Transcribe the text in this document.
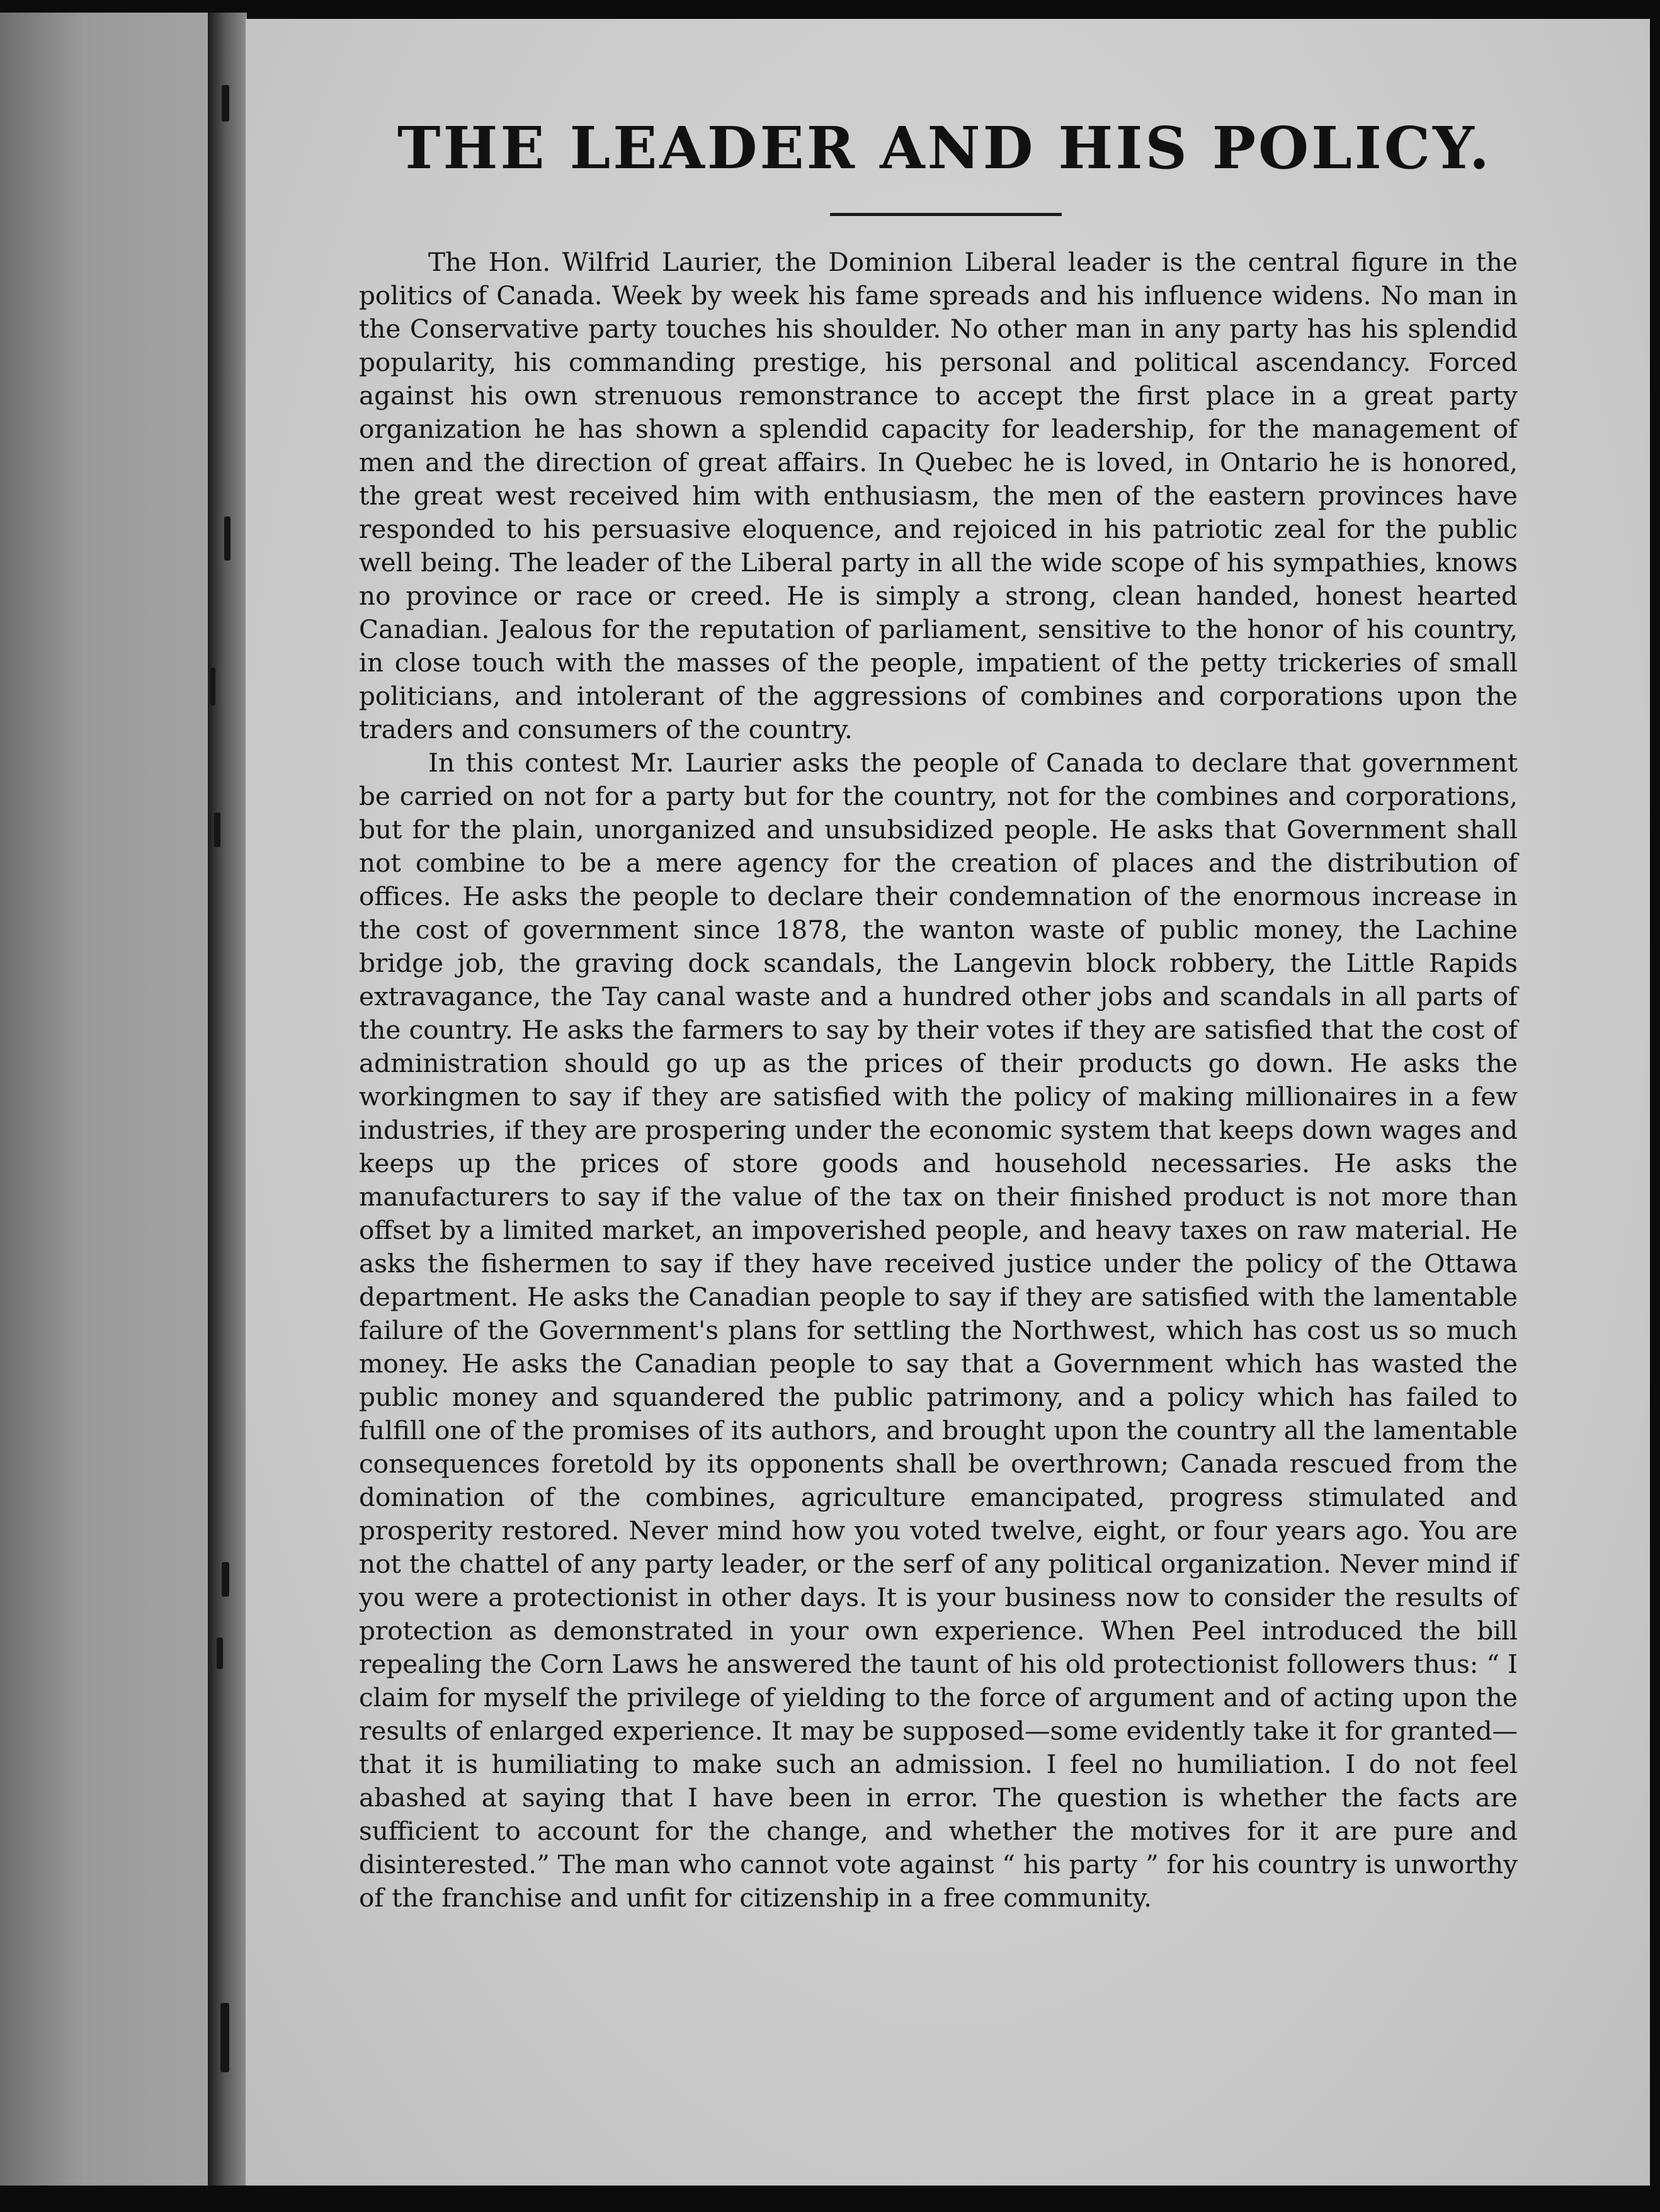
THE LEADER AND HIS POLICY.

The Hon. Wilfrid Laurier, the Dominion Liberal leader is the central figure in the politics of Canada. Week by week his fame spreads and his influence widens. No man in the Conservative party touches his shoulder. No other man in any party has his splendid popularity, his commanding prestige, his personal and political ascendancy. Forced against his own strenuous remonstrance to accept the first place in a great party organization he has shown a splendid capacity for leadership, for the management of men and the direction of great affairs. In Quebec he is loved, in Ontario he is honored, the great west received him with enthusiasm, the men of the eastern provinces have responded to his persuasive eloquence, and rejoiced in his patriotic zeal for the public well being. The leader of the Liberal party in all the wide scope of his sympathies, knows no province or race or creed. He is simply a strong, clean handed, honest hearted Canadian. Jealous for the reputation of parliament, sensitive to the honor of his country, in close touch with the masses of the people, impatient of the petty trickeries of small politicians, and intolerant of the aggressions of combines and corporations upon the traders and consumers of the country.

In this contest Mr. Laurier asks the people of Canada to declare that government be carried on not for a party but for the country, not for the combines and corporations, but for the plain, unorganized and unsubsidized people. He asks that Government shall not combine to be a mere agency for the creation of places and the distribution of offices. He asks the people to declare their condemnation of the enormous increase in the cost of government since 1878, the wanton waste of public money, the Lachine bridge job, the graving dock scandals, the Langevin block robbery, the Little Rapids extravagance, the Tay canal waste and a hundred other jobs and scandals in all parts of the country. He asks the farmers to say by their votes if they are satisfied that the cost of administration should go up as the prices of their products go down. He asks the workingmen to say if they are satisfied with the policy of making millionaires in a few industries, if they are prospering under the economic system that keeps down wages and keeps up the prices of store goods and household necessaries. He asks the manufacturers to say if the value of the tax on their finished product is not more than offset by a limited market, an impoverished people, and heavy taxes on raw material. He asks the fishermen to say if they have received justice under the policy of the Ottawa department. He asks the Canadian people to say if they are satisfied with the lamentable failure of the Government's plans for settling the Northwest, which has cost us so much money. He asks the Canadian people to say that a Government which has wasted the public money and squandered the public patrimony, and a policy which has failed to fulfill one of the promises of its authors, and brought upon the country all the lamentable consequences foretold by its opponents shall be overthrown; Canada rescued from the domination of the combines, agriculture emancipated, progress stimulated and prosperity restored. Never mind how you voted twelve, eight, or four years ago. You are not the chattel of any party leader, or the serf of any political organization. Never mind if you were a protectionist in other days. It is your business now to consider the results of protection as demonstrated in your own experience. When Peel introduced the bill repealing the Corn Laws he answered the taunt of his old protectionist followers thus: “ I claim for myself the privilege of yielding to the force of argument and of acting upon the results of enlarged experience. It may be supposed—some evidently take it for granted—that it is humiliating to make such an admission. I feel no humiliation. I do not feel abashed at saying that I have been in error. The question is whether the facts are sufficient to account for the change, and whether the motives for it are pure and disinterested.” The man who cannot vote against “ his party ” for his country is unworthy of the franchise and unfit for citizenship in a free community.
